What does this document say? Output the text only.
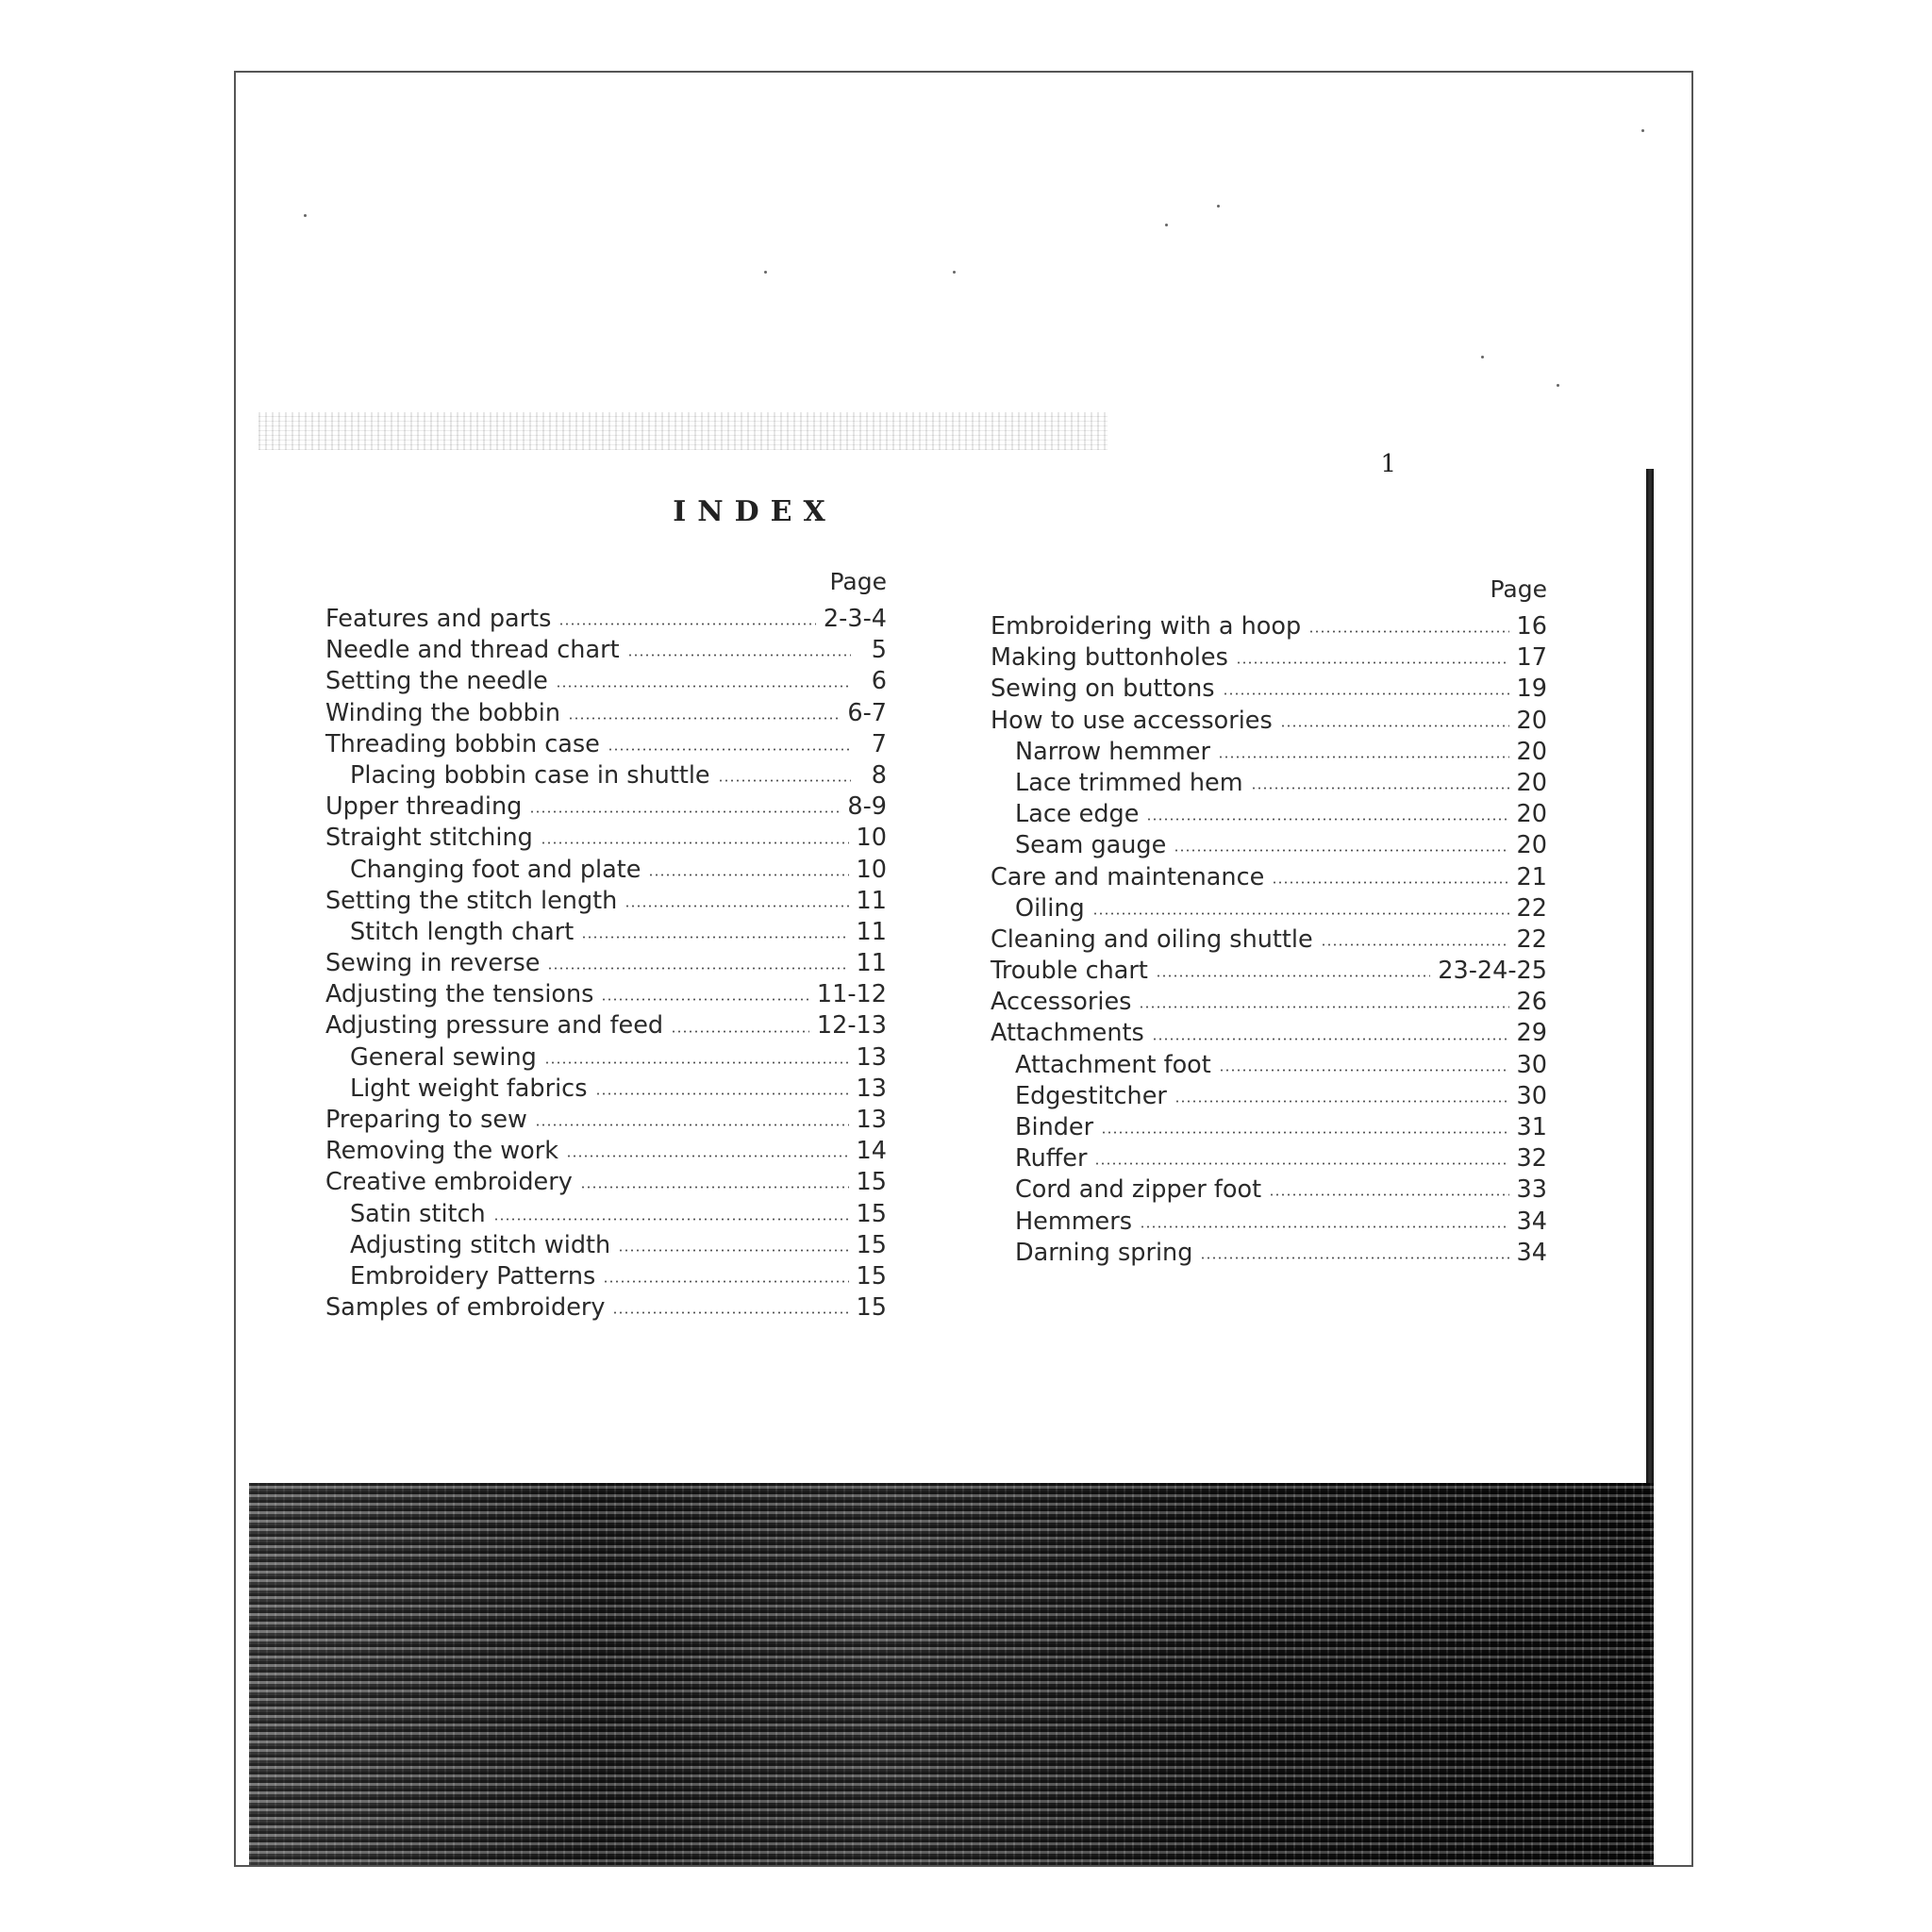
1
INDEX
Page
Features and parts	2-3-4
Needle and thread chart	5
Setting the needle	6
Winding the bobbin	6-7
Threading bobbin case	7
Placing bobbin case in shuttle	8
Upper threading	8-9
Straight stitching	10
Changing foot and plate	10
Setting the stitch length	11
Stitch length chart	11
Sewing in reverse	11
Adjusting the tensions	11-12
Adjusting pressure and feed	12-13
General sewing	13
Light weight fabrics	13
Preparing to sew	13
Removing the work	14
Creative embroidery	15
Satin stitch	15
Adjusting stitch width	15
Embroidery Patterns	15
Samples of embroidery	15
Page
Embroidering with a hoop	16
Making buttonholes	17
Sewing on buttons	19
How to use accessories	20
Narrow hemmer	20
Lace trimmed hem	20
Lace edge	20
Seam gauge	20
Care and maintenance	21
Oiling	22
Cleaning and oiling shuttle	22
Trouble chart	23-24-25
Accessories	26
Attachments	29
Attachment foot	30
Edgestitcher	30
Binder	31
Ruffer	32
Cord and zipper foot	33
Hemmers	34
Darning spring	34
